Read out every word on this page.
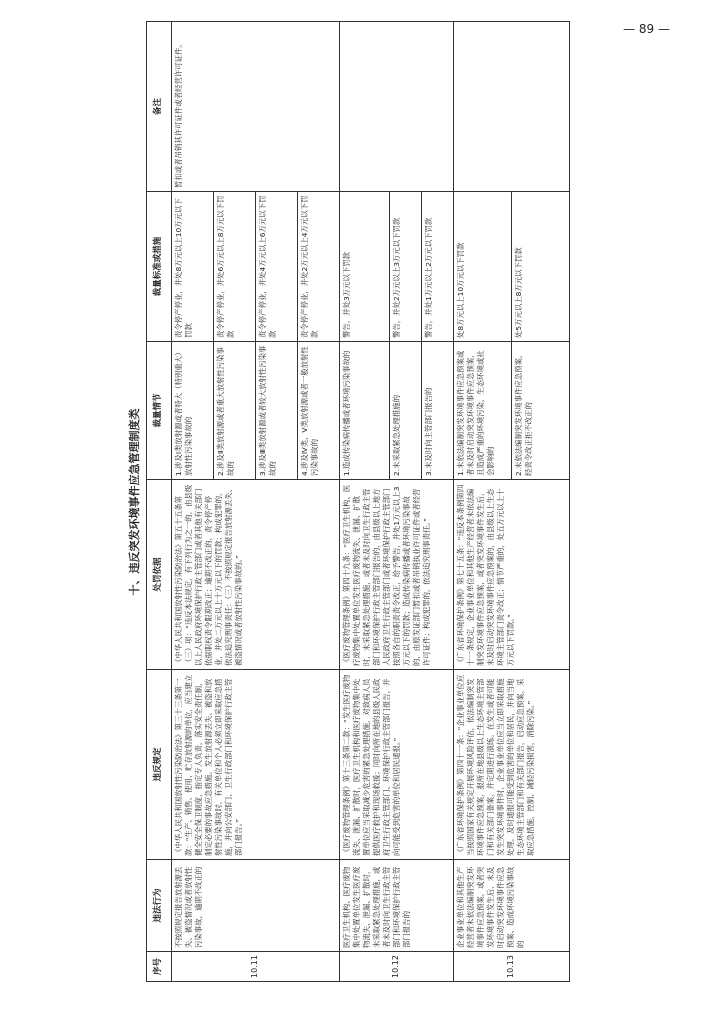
— 89 —
十、违反突发环境事件应急管理制度类
序号	违法行为	违反规定	处罚依据	裁量情节	裁量标准或措施	备注
10.11	不按照规定报告放射源丢失、被盗情况或者放射性污染事故，逾期不改正的	《中华人民共和国放射性污染防治法》第三十三条第一款：“生产、销售、使用、贮存放射源的单位，应当建立健全安全保卫制度，指定专人负责，落实安全责任制，制定必要的事故应急措施。发生放射源丢失、被盗和放射性污染事故时，有关单位和个人必须立即采取应急措施，并向公安部门、卫生行政部门和环境保护行政主管部门报告。”	《中华人民共和国放射性污染防治法》第五十五条第（三）项：“违反本法规定，有下列行为之一的，由县级以上人民政府环境保护行政主管部门或者其他有关部门依据职权责令限期改正；逾期不改正的，责令停产停业，并处二万元以上十万元以下的罚款；构成犯罪的，依法追究刑事责任：（三）不按照规定报告放射源丢失、被盗情况或者放射性污染事故的。”	1.涉及Ⅰ类放射源或者特大（特别重大）放射性污染事故的	责令停产停业，并处8万元以上10万元以下罚款	暂扣或者吊销其许可证件或者经营许可证件。
				2.涉及Ⅱ类放射源或者重大放射性污染事故的	责令停产停业，并处6万元以上8万元以下罚款	
				3.涉及Ⅲ类放射源或者较大放射性污染事故的	责令停产停业，并处4万元以上6万元以下罚款	
				4.涉及Ⅳ类、Ⅴ类放射源或者一般放射性污染事故的	责令停产停业，并处2万元以上4万元以下罚款	
10.12	医疗卫生机构、医疗废物集中处置单位发生医疗废物流失、泄漏、扩散时，未采取紧急处理措施，或者未及时向卫生行政主管部门和环境保护行政主管部门报告的	《医疗废物管理条例》第十三条第二款：“发生医疗废物流失、泄漏、扩散时，医疗卫生机构和医疗废物集中处置单位应当采取减少危害的紧急处理措施，对致病人员提供医疗救护和现场救援；同时向所在地的县级人民政府卫生行政主管部门、环境保护行政主管部门报告，并向可能受到危害的单位和居民通报。”	《医疗废物管理条例》第四十九条：“医疗卫生机构、医疗废物集中处置单位发生医疗废物流失、泄漏、扩散时，未采取紧急处理措施，或者未及时向卫生行政主管部门和环境保护行政主管部门报告的，由县级以上地方人民政府卫生行政主管部门或者环境保护行政主管部门按照各自的职责责令改正，给予警告，并处1万元以上3万元以下的罚款；造成传染病传播或者环境污染事故的，由原发证部门暂扣或者吊销执业许可证件或者经营许可证件；构成犯罪的，依法追究刑事责任。”	1.造成传染病传播或者环境污染事故的	警告，并处3万元以下罚款	
				2.未采取紧急处理措施的	警告，并处2万元以上3万元以下罚款	
				3.未及时向主管部门报告的	警告，并处1万元以上2万元以下罚款	
10.13	企业事业单位和其他生产经营者未依法编制突发环境事件应急预案，或者突发环境事件发生后，未及时启动突发环境事件应急预案、造成环境污染事故的	《广东省环境保护条例》第四十一条：“企业事业单位应当按照国家有关规定开展环境风险评估，依法编制突发环境事件应急预案，报所在地县级以上生态环境主管部门和有关部门备案，并定期进行演练。在发生或者可能发生突发环境事件时，企业事业单位应当立即采取措施处理，及时通报可能受到危害的单位和居民，并向当地生态环境主管部门和有关部门报告，启动应急预案，采取应急措施，控制、减轻污染损害，消除污染。”	《广东省环境保护条例》第七十五条：“违反本条例第四十一条规定，企业事业单位和其他生产经营者未依法编制突发环境事件应急预案，或者突发环境事件发生后，未及时启动突发环境事件应急预案的，由县级以上生态环境主管部门责令改正；情节严重的，处五万元以上十万元以下罚款。”	1.未依法编制突发环境事件应急预案或者未及时启动突发环境事件应急预案，且造成严重的环境污染，生态环境或社会影响的	处8万元以上10万元以下罚款	
				2.未依法编制突发环境事件应急预案，经责令改正拒不改正的	处5万元以上8万元以下罚款	
